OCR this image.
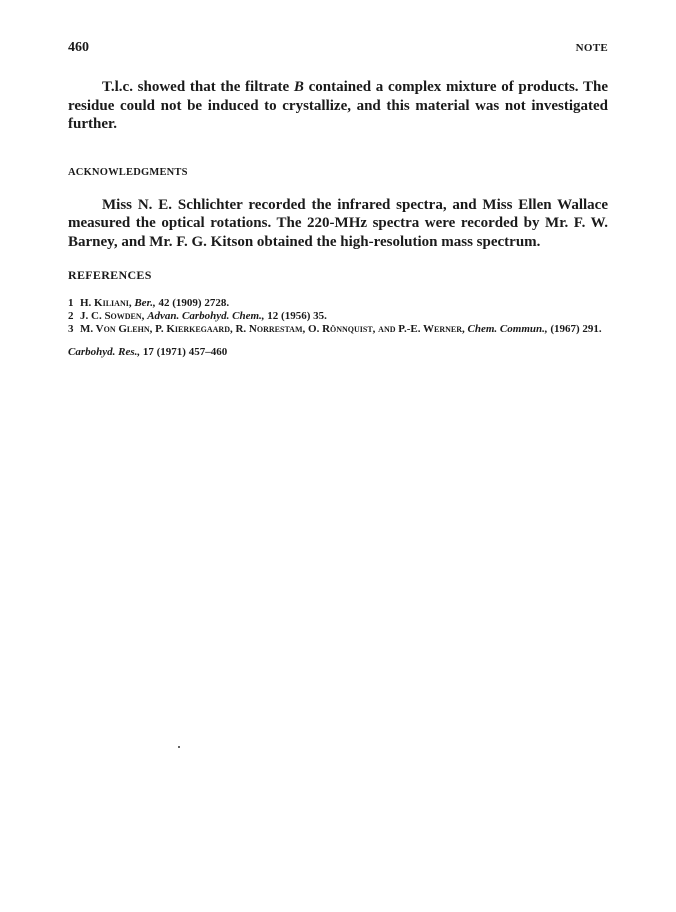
460	NOTE

T.l.c. showed that the filtrate B contained a complex mixture of products. The residue could not be induced to crystallize, and this material was not investigated further.

ACKNOWLEDGMENTS

Miss N. E. Schlichter recorded the infrared spectra, and Miss Ellen Wallace measured the optical rotations. The 220-MHz spectra were recorded by Mr. F. W. Barney, and Mr. F. G. Kitson obtained the high-resolution mass spectrum.

REFERENCES

1 H. Kiliani, Ber., 42 (1909) 2728.
2 J. C. Sowden, Advan. Carbohyd. Chem., 12 (1956) 35.
3 M. Von Glehn, P. Kierkegaard, R. Norrestam, O. Rönnquist, and P.-E. Werner, Chem. Commun., (1967) 291.

Carbohyd. Res., 17 (1971) 457–460
